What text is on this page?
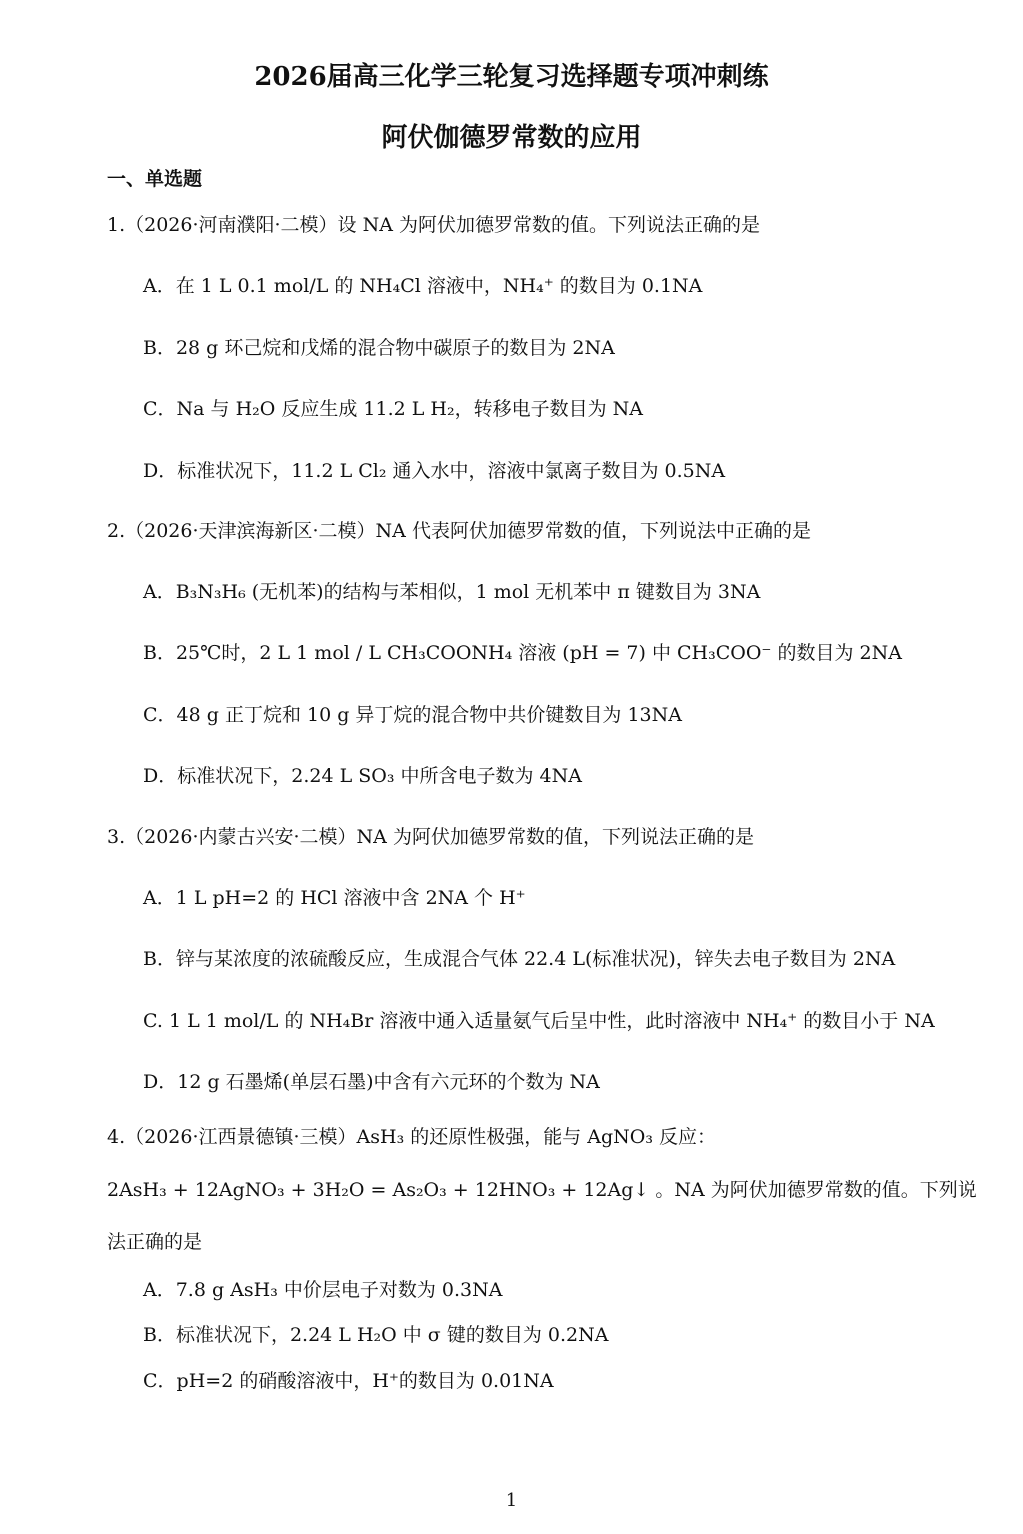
2026届高三化学三轮复习选择题专项冲刺练
阿伏伽德罗常数的应用
一、单选题
1.（2026·河南濮阳·二模）设 NA 为阿伏加德罗常数的值。下列说法正确的是
A．在 1 L 0.1 mol/L 的 NH₄Cl 溶液中，NH₄⁺ 的数目为 0.1NA
B．28 g 环己烷和戊烯的混合物中碳原子的数目为 2NA
C．Na 与 H₂O 反应生成 11.2 L H₂，转移电子数目为 NA
D．标准状况下，11.2 L Cl₂ 通入水中，溶液中氯离子数目为 0.5NA
2.（2026·天津滨海新区·二模）NA 代表阿伏加德罗常数的值，下列说法中正确的是
A．B₃N₃H₆ (无机苯)的结构与苯相似，1 mol 无机苯中 π 键数目为 3NA
B．25℃时，2 L 1 mol / L CH₃COONH₄ 溶液 (pH = 7) 中 CH₃COO⁻ 的数目为 2NA
C．48 g 正丁烷和 10 g 异丁烷的混合物中共价键数目为 13NA
D．标准状况下，2.24 L SO₃ 中所含电子数为 4NA
3.（2026·内蒙古兴安·二模）NA 为阿伏加德罗常数的值，下列说法正确的是
A．1 L pH=2 的 HCl 溶液中含 2NA 个 H⁺
B．锌与某浓度的浓硫酸反应，生成混合气体 22.4 L(标准状况)，锌失去电子数目为 2NA
C. 1 L 1 mol/L 的 NH₄Br 溶液中通入适量氨气后呈中性，此时溶液中 NH₄⁺ 的数目小于 NA
D．12 g 石墨烯(单层石墨)中含有六元环的个数为 NA
4.（2026·江西景德镇·三模）AsH₃ 的还原性极强，能与 AgNO₃ 反应：
2AsH₃ + 12AgNO₃ + 3H₂O = As₂O₃ + 12HNO₃ + 12Ag↓ 。NA 为阿伏加德罗常数的值。下列说
法正确的是
A．7.8 g AsH₃ 中价层电子对数为 0.3NA
B．标准状况下，2.24 L H₂O 中 σ 键的数目为 0.2NA
C．pH=2 的硝酸溶液中，H⁺的数目为 0.01NA
1
